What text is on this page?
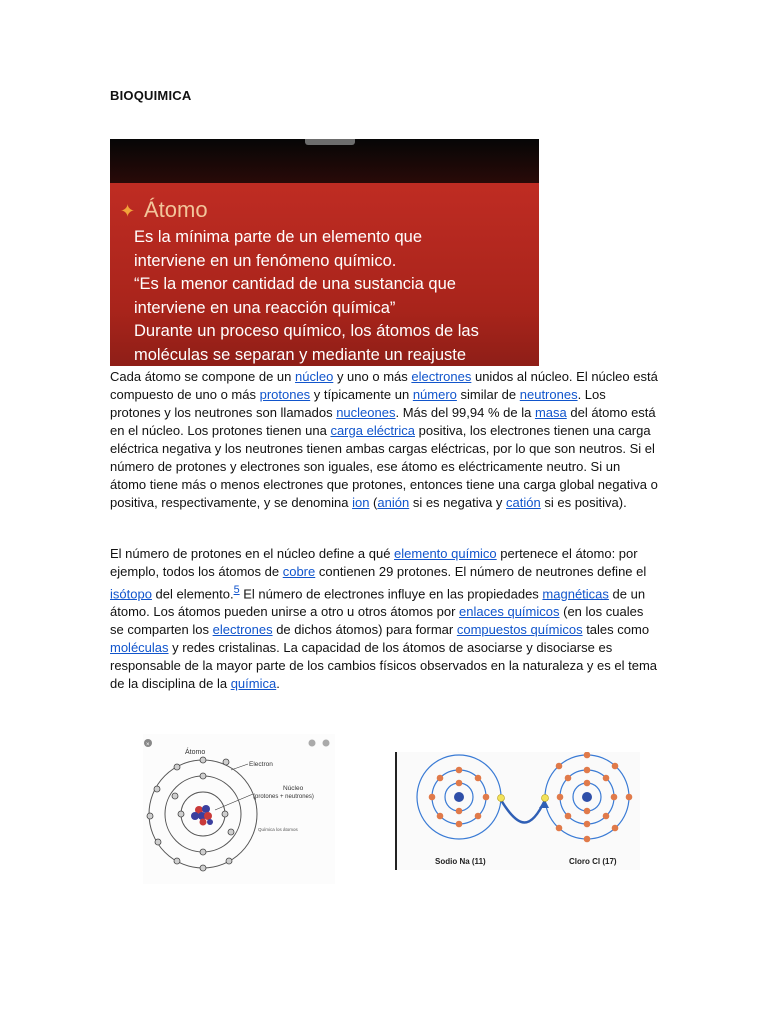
BIOQUIMICA
✦ Átomo
Es la mínima parte de un elemento que
interviene en un fenómeno químico.
“Es la menor cantidad de una sustancia que
interviene en una reacción química”
Durante un proceso químico, los átomos de las
moléculas se separan y mediante un reajuste

Cada átomo se compone de un núcleo y uno o más electrones unidos al núcleo. El núcleo está compuesto de uno o más protones y típicamente un número similar de neutrones. Los protones y los neutrones son llamados nucleones. Más del 99,94 % de la masa del átomo está en el núcleo. Los protones tienen una carga eléctrica positiva, los electrones tienen una carga eléctrica negativa y los neutrones tienen ambas cargas eléctricas, por lo que son neutros. Si el número de protones y electrones son iguales, ese átomo es eléctricamente neutro. Si un átomo tiene más o menos electrones que protones, entonces tiene una carga global negativa o positiva, respectivamente, y se denomina ion (anión si es negativa y catión si es positiva).

El número de protones en el núcleo define a qué elemento químico pertenece el átomo: por ejemplo, todos los átomos de cobre contienen 29 protones. El número de neutrones define el isótopo del elemento.$^5$ El número de electrones influye en las propiedades magnéticas de un átomo. Los átomos pueden unirse a otro u otros átomos por enlaces químicos (en los cuales se comparten los electrones de dichos átomos) para formar compuestos químicos tales como moléculas y redes cristalinas. La capacidad de los átomos de asociarse y disociarse es responsable de la mayor parte de los cambios físicos observados en la naturaleza y es el tema de la disciplina de la química.

×
Átomo
Electron
Núcleo
(protones + neutrones)
Química los átomos
Sodio Na (11)	Cloro Cl (17)
